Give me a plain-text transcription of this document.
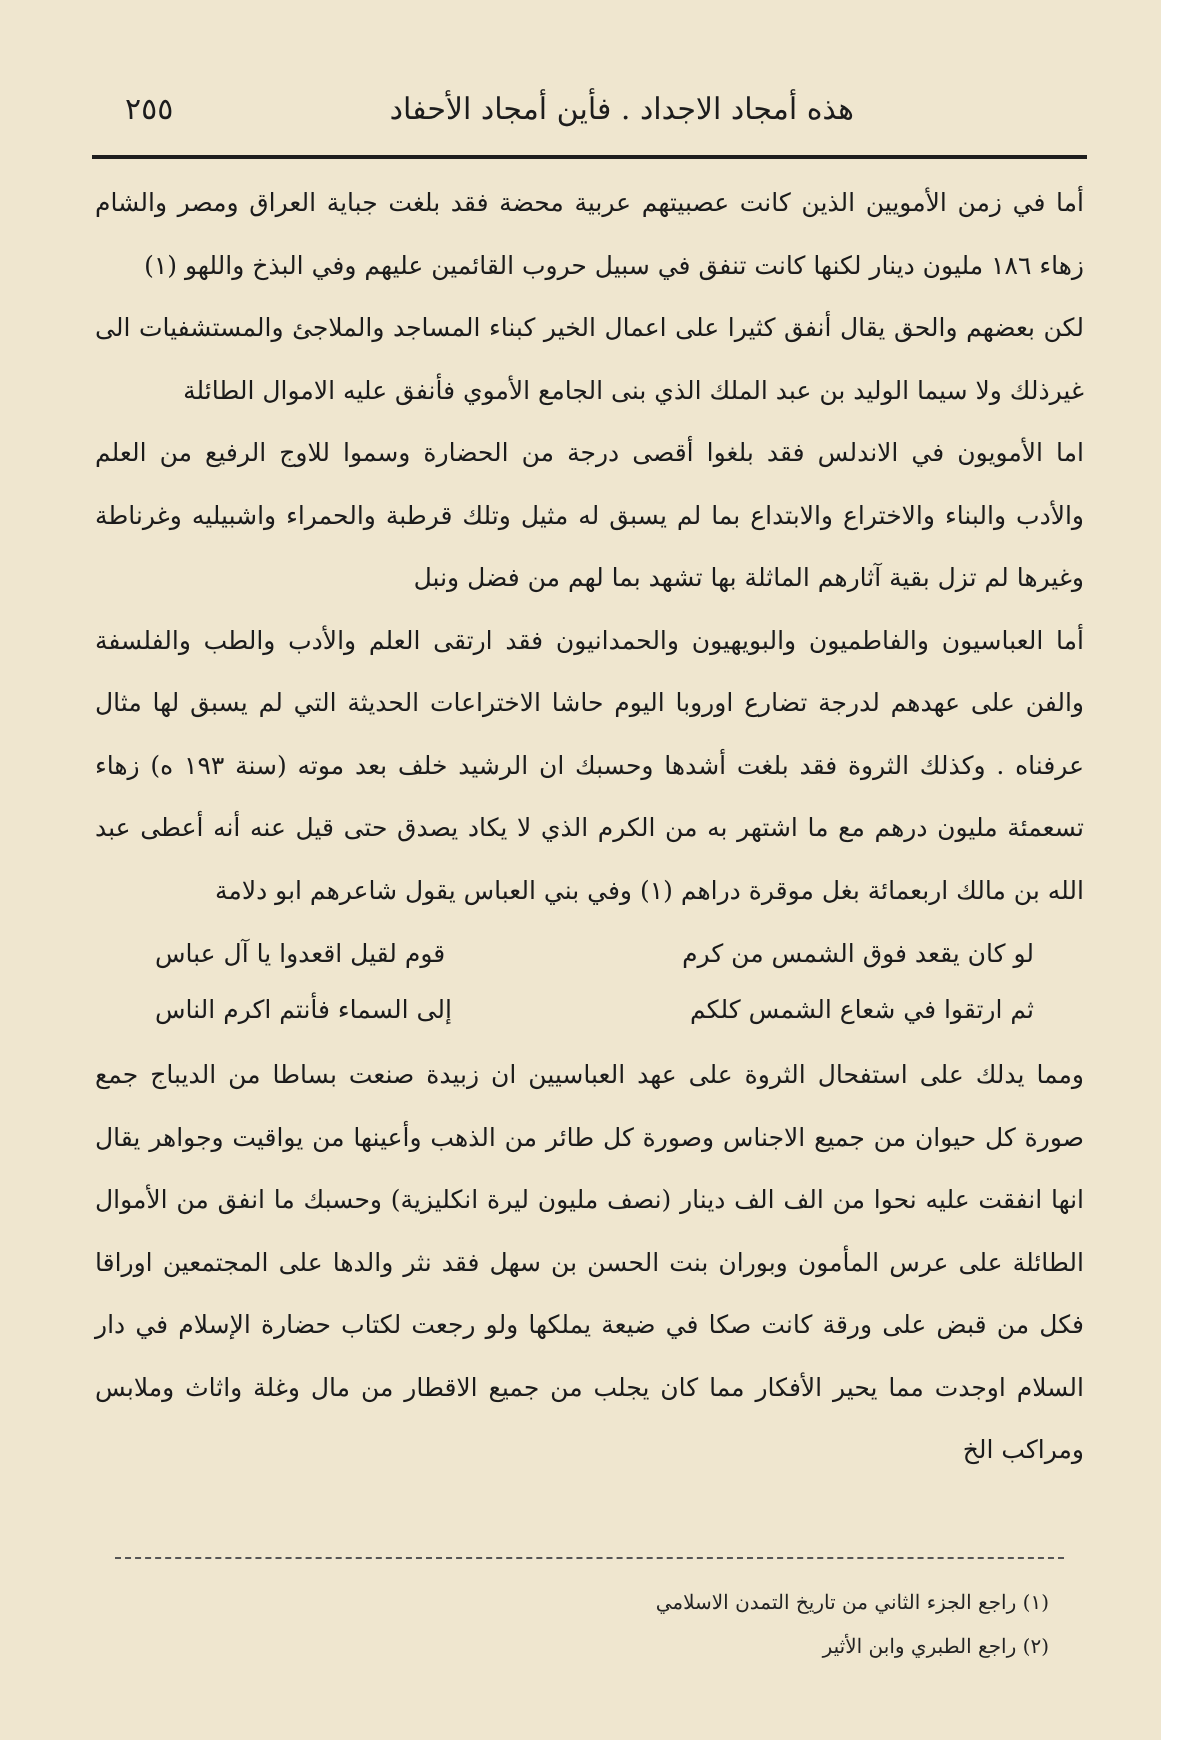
هذه أمجاد الاجداد . فأين أمجاد الأحفاد
٢٥٥

أما في زمن الأمويين الذين كانت عصبيتهم عربية محضة فقد بلغت جباية العراق ومصر والشام زهاء ١٨٦ مليون دينار لكنها كانت تنفق في سبيل حروب القائمين عليهم وفي البذخ واللهو (١)

لكن بعضهم والحق يقال أنفق كثيرا على اعمال الخير كبناء المساجد والملاجئ والمستشفيات الى غيرذلك ولا سيما الوليد بن عبد الملك الذي بنى الجامع الأموي فأنفق عليه الاموال الطائلة

اما الأمويون في الاندلس فقد بلغوا أقصى درجة من الحضارة وسموا للاوج الرفيع من العلم والأدب والبناء والاختراع والابتداع بما لم يسبق له مثيل وتلك قرطبة والحمراء واشبيليه وغرناطة وغيرها لم تزل بقية آثارهم الماثلة بها تشهد بما لهم من فضل ونبل

أما العباسيون والفاطميون والبويهيون والحمدانيون فقد ارتقى العلم والأدب والطب والفلسفة والفن على عهدهم لدرجة تضارع اوروبا اليوم حاشا الاختراعات الحديثة التي لم يسبق لها مثال عرفناه . وكذلك الثروة فقد بلغت أشدها وحسبك ان الرشيد خلف بعد موته (سنة ١٩٣ ه) زهاء تسعمئة مليون درهم مع ما اشتهر به من الكرم الذي لا يكاد يصدق حتى قيل عنه أنه أعطى عبد الله بن مالك اربعمائة بغل موقرة دراهم (١) وفي بني العباس يقول شاعرهم ابو دلامة

لو كان يقعد فوق الشمس من كرم
قوم لقيل اقعدوا يا آل عباس
ثم ارتقوا في شعاع الشمس كلكم
إلى السماء فأنتم اكرم الناس

ومما يدلك على استفحال الثروة على عهد العباسيين ان زبيدة صنعت بساطا من الديباج جمع صورة كل حيوان من جميع الاجناس وصورة كل طائر من الذهب وأعينها من يواقيت وجواهر يقال انها انفقت عليه نحوا من الف الف دينار (نصف مليون ليرة انكليزية) وحسبك ما انفق من الأموال الطائلة على عرس المأمون وبوران بنت الحسن بن سهل فقد نثر والدها على المجتمعين اوراقا فكل من قبض على ورقة كانت صكا في ضيعة يملكها ولو رجعت لكتاب حضارة الإسلام في دار السلام اوجدت مما يحير الأفكار مما كان يجلب من جميع الاقطار من مال وغلة واثاث وملابس ومراكب الخ

(١) راجع الجزء الثاني من تاريخ التمدن الاسلامي
(٢) راجع الطبري وابن الأثير
